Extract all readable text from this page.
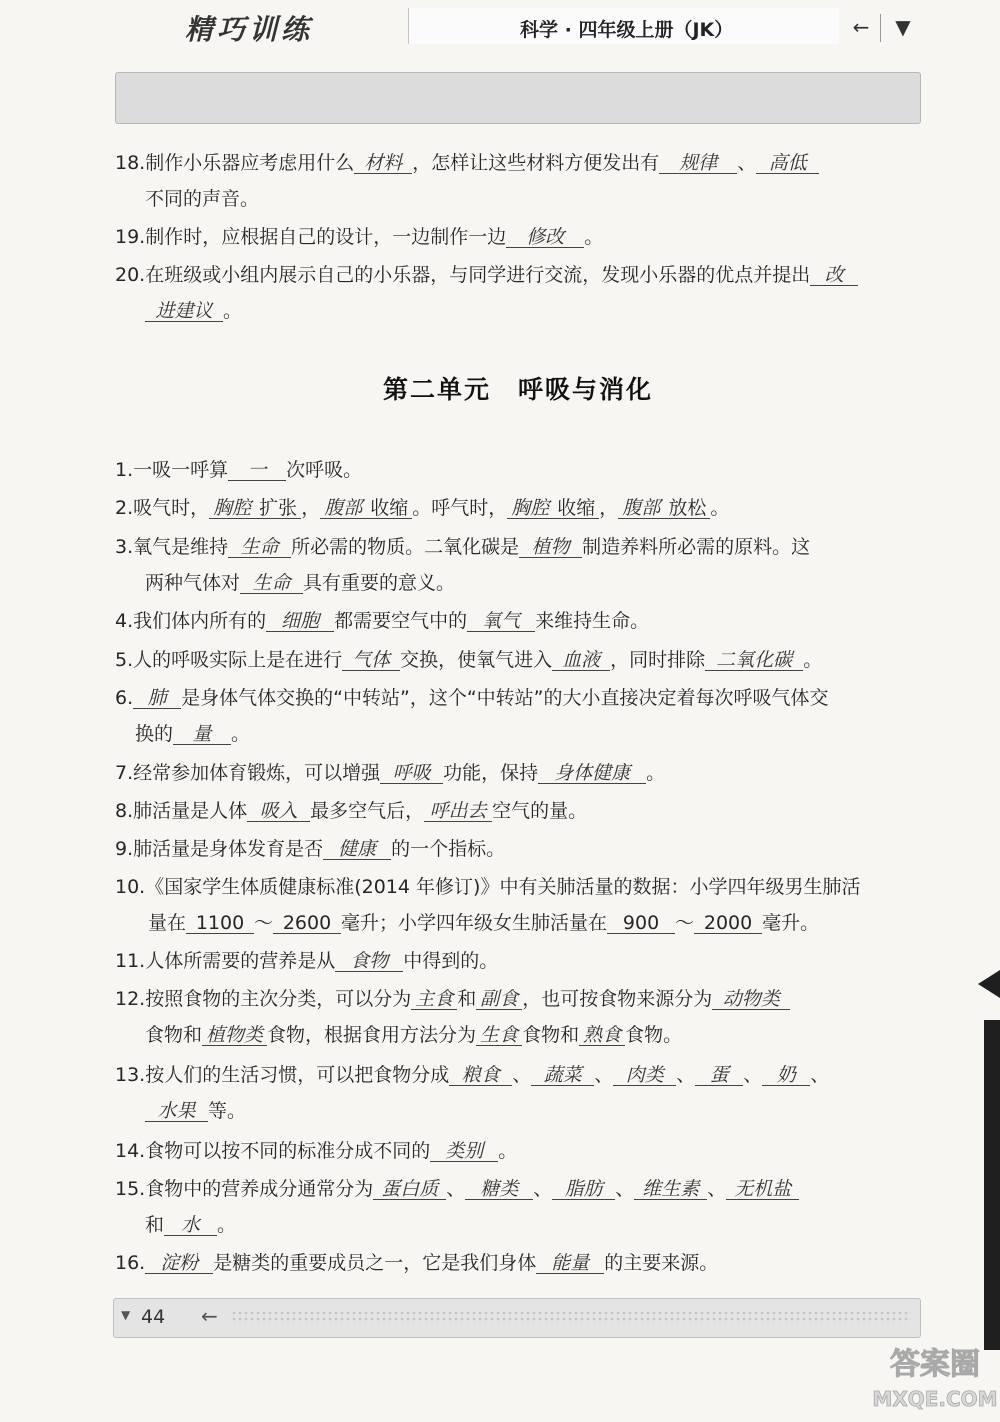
精巧训练	科学 · 四年级上册（JK）	← ▼
18.制作小乐器应考虑用什么 材料 ，怎样让这些材料方便发出有 规律 、 高低
不同的声音。
19.制作时，应根据自己的设计，一边制作一边 修改 。
20.在班级或小组内展示自己的小乐器，与同学进行交流，发现小乐器的优点并提出 改
进建议 。
第二单元　呼吸与消化
1.一吸一呼算 一 次呼吸。
2.吸气时， 胸腔 扩张 ， 腹部 收缩 。呼气时， 胸腔 收缩 ， 腹部 放松 。
3.氧气是维持 生命 所必需的物质。二氧化碳是 植物 制造养料所必需的原料。这
两种气体对 生命 具有重要的意义。
4.我们体内所有的 细胞 都需要空气中的 氧气 来维持生命。
5.人的呼吸实际上是在进行 气体 交换，使氧气进入 血液 ，同时排除 二氧化碳 。
6. 肺 是身体气体交换的“中转站”，这个“中转站”的大小直接决定着每次呼吸气体交
换的 量 。
7.经常参加体育锻炼，可以增强 呼吸 功能，保持 身体健康 。
8.肺活量是人体 吸入 最多空气后， 呼出去 空气的量。
9.肺活量是身体发育是否 健康 的一个指标。
10.《国家学生体质健康标准(2014 年修订)》中有关肺活量的数据：小学四年级男生肺活
量在 1100 ～ 2600 毫升；小学四年级女生肺活量在 900 ～ 2000 毫升。
11.人体所需要的营养是从 食物 中得到的。
12.按照食物的主次分类，可以分为 主食 和 副食 ，也可按食物来源分为 动物类
食物和 植物类 食物，根据食用方法分为 生食 食物和 熟食 食物。
13.按人们的生活习惯，可以把食物分成 粮食 、 蔬菜 、 肉类 、 蛋 、 奶 、
水果 等。
14.食物可以按不同的标准分成不同的 类别 。
15.食物中的营养成分通常分为 蛋白质 、 糖类 、 脂肪 、 维生素 、 无机盐
和 水 。
16. 淀粉 是糖类的重要成员之一，它是我们身体 能量 的主要来源。
▼ 44 ←
答案圈
MXQE.COM
